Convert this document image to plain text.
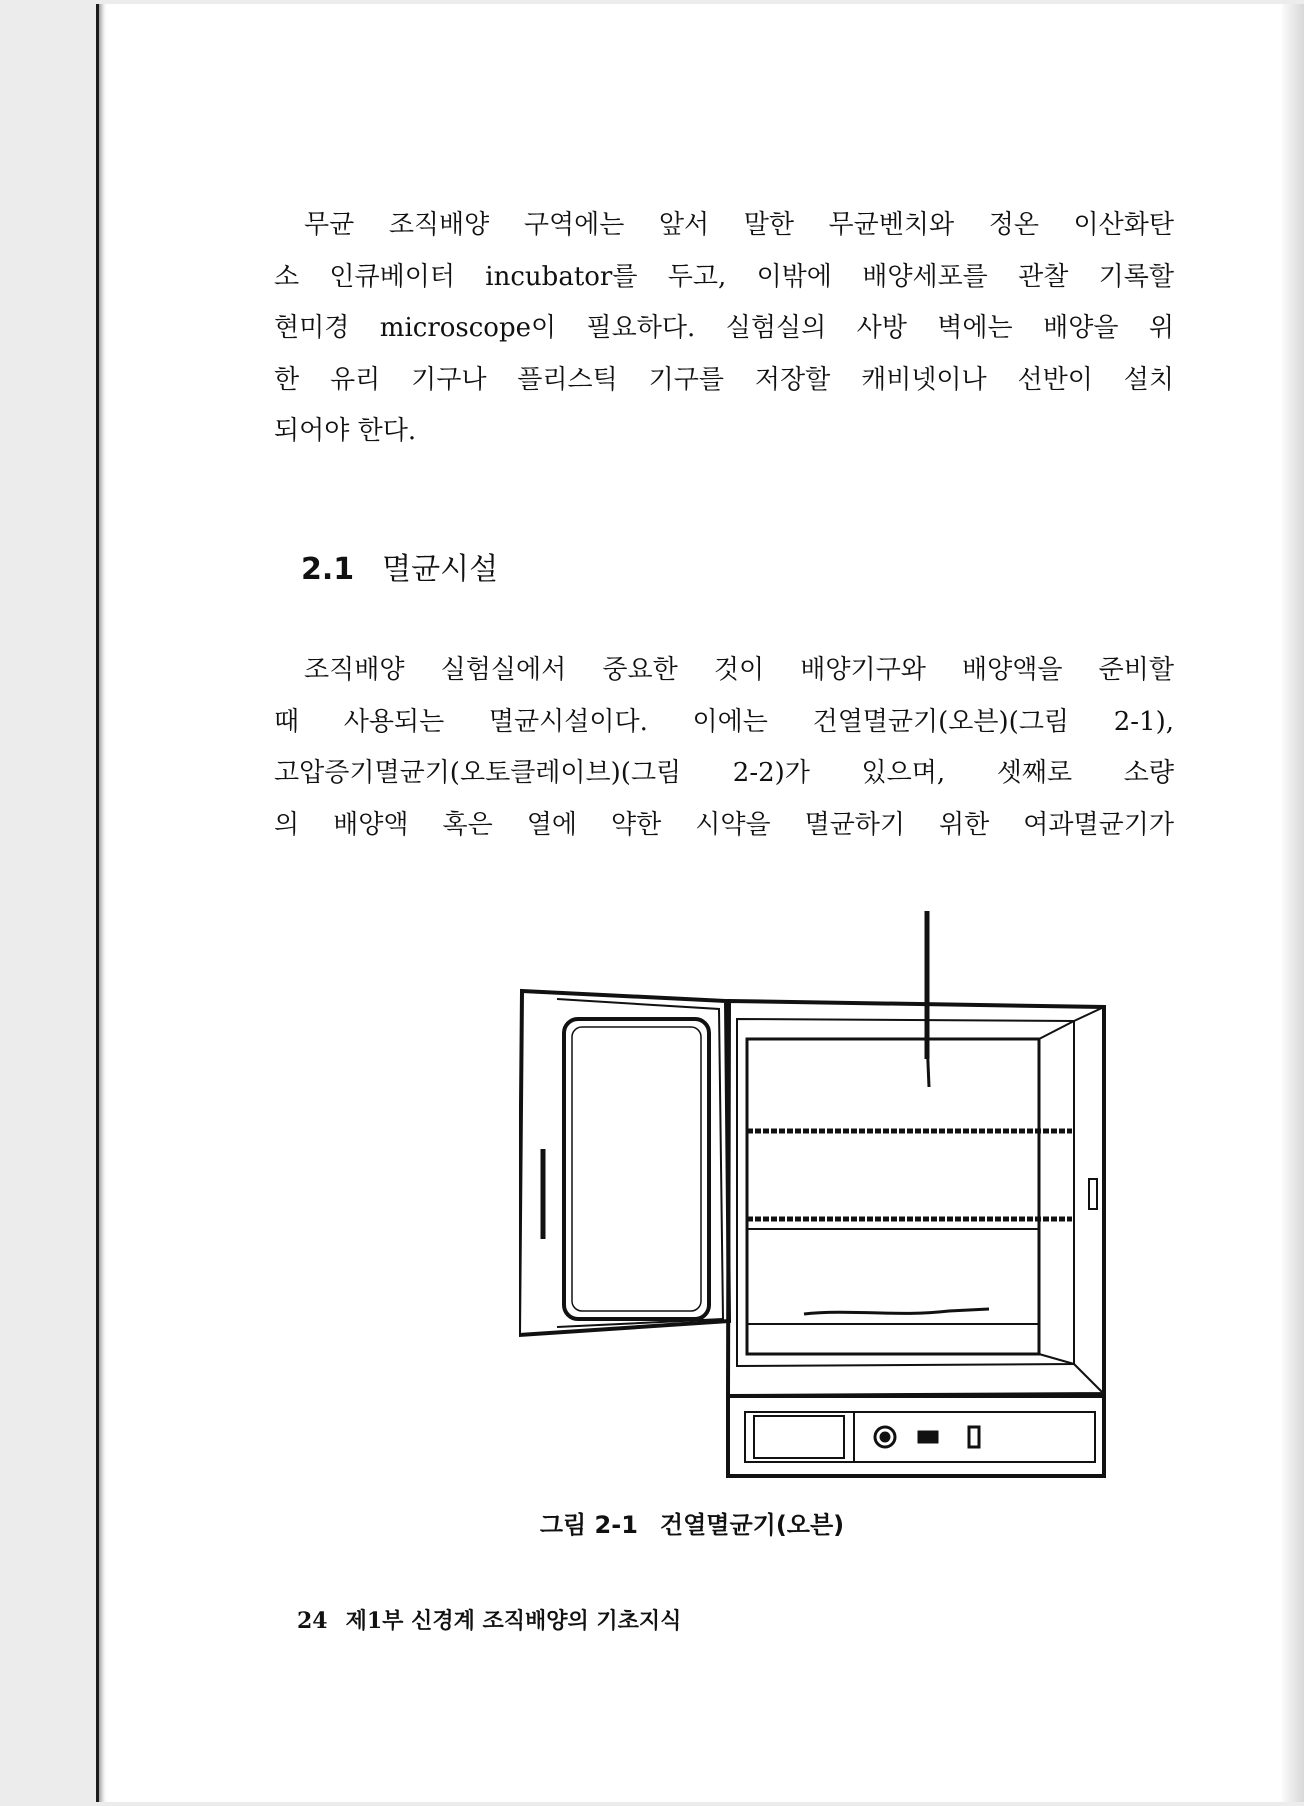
무균 조직배양 구역에는 앞서 말한 무균벤치와 정온 이산화탄
소 인큐베이터 incubator를 두고, 이밖에 배양세포를 관찰 기록할
현미경 microscope이 필요하다. 실험실의 사방 벽에는 배양을 위
한 유리 기구나 플리스틱 기구를 저장할 캐비넷이나 선반이 설치
되어야 한다.

2.1 멸균시설

조직배양 실험실에서 중요한 것이 배양기구와 배양액을 준비할
때 사용되는 멸균시설이다. 이에는 건열멸균기(오븐)(그림 2-1),
고압증기멸균기(오토클레이브)(그림 2-2)가 있으며, 셋째로 소량
의 배양액 혹은 열에 약한 시약을 멸균하기 위한 여과멸균기가

그림 2-1 건열멸균기(오븐)
24 제1부 신경계 조직배양의 기초지식
